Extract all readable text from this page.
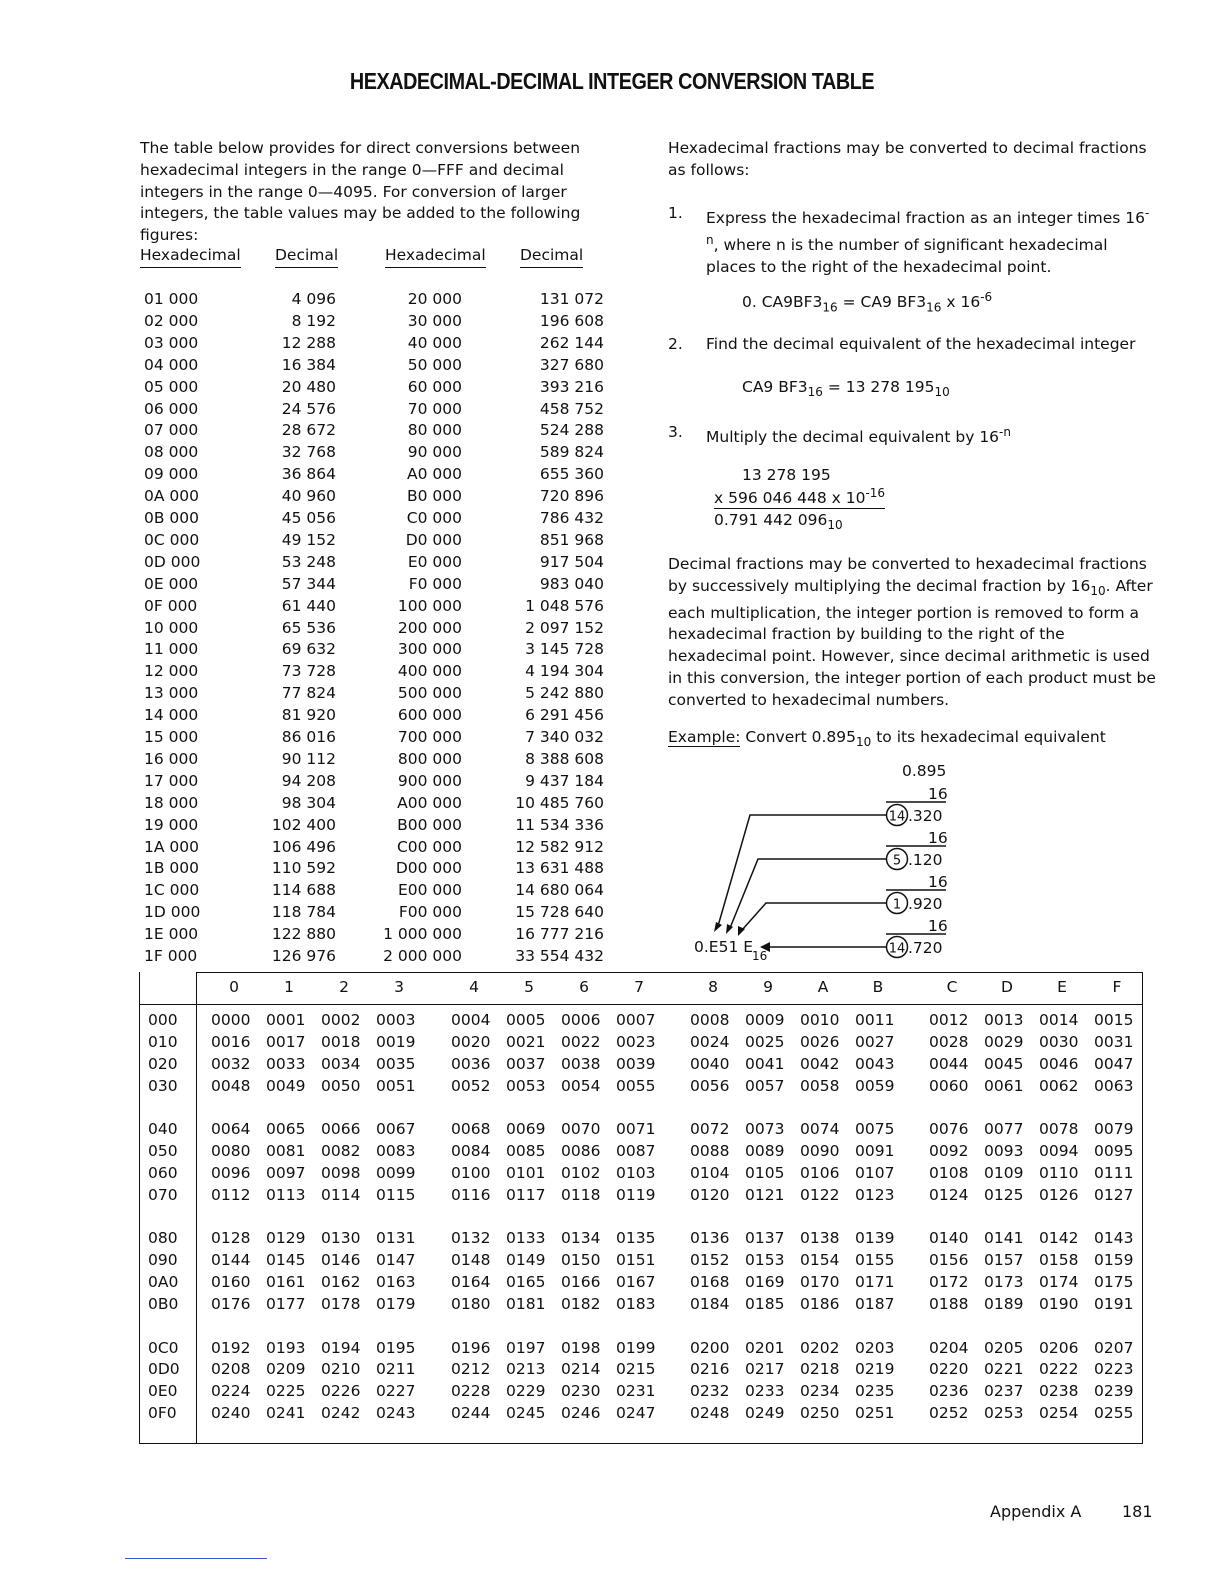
HEXADECIMAL-DECIMAL INTEGER CONVERSION TABLE
The table below provides for direct conversions between hexadecimal integers in the range 0—FFF and decimal integers in the range 0—4095. For conversion of larger integers, the table values may be added to the following figures:
Hexadecimal Decimal	Hexadecimal Decimal
01 000	4 096	20 000	131 072
02 000	8 192	30 000	196 608
03 000	12 288	40 000	262 144
04 000	16 384	50 000	327 680
05 000	20 480	60 000	393 216
06 000	24 576	70 000	458 752
07 000	28 672	80 000	524 288
08 000	32 768	90 000	589 824
09 000	36 864	A0 000	655 360
0A 000	40 960	B0 000	720 896
0B 000	45 056	C0 000	786 432
0C 000	49 152	D0 000	851 968
0D 000	53 248	E0 000	917 504
0E 000	57 344	F0 000	983 040
0F 000	61 440	100 000	1 048 576
10 000	65 536	200 000	2 097 152
11 000	69 632	300 000	3 145 728
12 000	73 728	400 000	4 194 304
13 000	77 824	500 000	5 242 880
14 000	81 920	600 000	6 291 456
15 000	86 016	700 000	7 340 032
16 000	90 112	800 000	8 388 608
17 000	94 208	900 000	9 437 184
18 000	98 304	A00 000	10 485 760
19 000	102 400	B00 000	11 534 336
1A 000	106 496	C00 000	12 582 912
1B 000	110 592	D00 000	13 631 488
1C 000	114 688	E00 000	14 680 064
1D 000	118 784	F00 000	15 728 640
1E 000	122 880	1 000 000	16 777 216
1F 000	126 976	2 000 000	33 554 432
Hexadecimal fractions may be converted to decimal fractions as follows:
1. Express the hexadecimal fraction as an integer times $16^{-n}$, where n is the number of significant hexadecimal places to the right of the hexadecimal point.
0. $CA9BF3_{16} = CA9$ $BF3_{16}$ x $16^{-6}$
2. Find the decimal equivalent of the hexadecimal integer
CA9 $BF3_{16} = 13$ 278 $195_{10}$
3. Multiply the decimal equivalent by $16^{-n}$
13 278 195
x 596 046 448 x $10^{-16}$
0.791 442 $096_{10}$
Decimal fractions may be converted to hexadecimal fractions by successively multiplying the decimal fraction by $16_{10}$. After each multiplication, the integer portion is removed to form a hexadecimal fraction by building to the right of the hexadecimal point. However, since decimal arithmetic is used in this conversion, the integer portion of each product must be converted to hexadecimal numbers.
Example: Convert $0.895_{10}$ to its hexadecimal equivalent
0.895
16
16
16
16
14 .320
5 .120
1 .920
14 .720
0.E51 E
16
0	1	2	3	4	5	6	7	8	9	A	B	C	D	E	F
000 0000 0001 0002 0003 0004 0005 0006 0007 0008 0009 0010 0011 0012 0013 0014 0015
010 0016 0017 0018 0019 0020 0021 0022 0023 0024 0025 0026 0027 0028 0029 0030 0031
020 0032 0033 0034 0035 0036 0037 0038 0039 0040 0041 0042 0043 0044 0045 0046 0047
030 0048 0049 0050 0051 0052 0053 0054 0055 0056 0057 0058 0059 0060 0061 0062 0063
040 0064 0065 0066 0067 0068 0069 0070 0071 0072 0073 0074 0075 0076 0077 0078 0079
050 0080 0081 0082 0083 0084 0085 0086 0087 0088 0089 0090 0091 0092 0093 0094 0095
060 0096 0097 0098 0099 0100 0101 0102 0103 0104 0105 0106 0107 0108 0109 0110 0111
070 0112 0113 0114 0115 0116 0117 0118 0119 0120 0121 0122 0123 0124 0125 0126 0127
080 0128 0129 0130 0131 0132 0133 0134 0135 0136 0137 0138 0139 0140 0141 0142 0143
090 0144 0145 0146 0147 0148 0149 0150 0151 0152 0153 0154 0155 0156 0157 0158 0159
0A0 0160 0161 0162 0163 0164 0165 0166 0167 0168 0169 0170 0171 0172 0173 0174 0175
0B0 0176 0177 0178 0179 0180 0181 0182 0183 0184 0185 0186 0187 0188 0189 0190 0191
0C0 0192 0193 0194 0195 0196 0197 0198 0199 0200 0201 0202 0203 0204 0205 0206 0207
0D0 0208 0209 0210 0211 0212 0213 0214 0215 0216 0217 0218 0219 0220 0221 0222 0223
0E0 0224 0225 0226 0227 0228 0229 0230 0231 0232 0233 0234 0235 0236 0237 0238 0239
0F0 0240 0241 0242 0243 0244 0245 0246 0247 0248 0249 0250 0251 0252 0253 0254 0255
Appendix A	181
